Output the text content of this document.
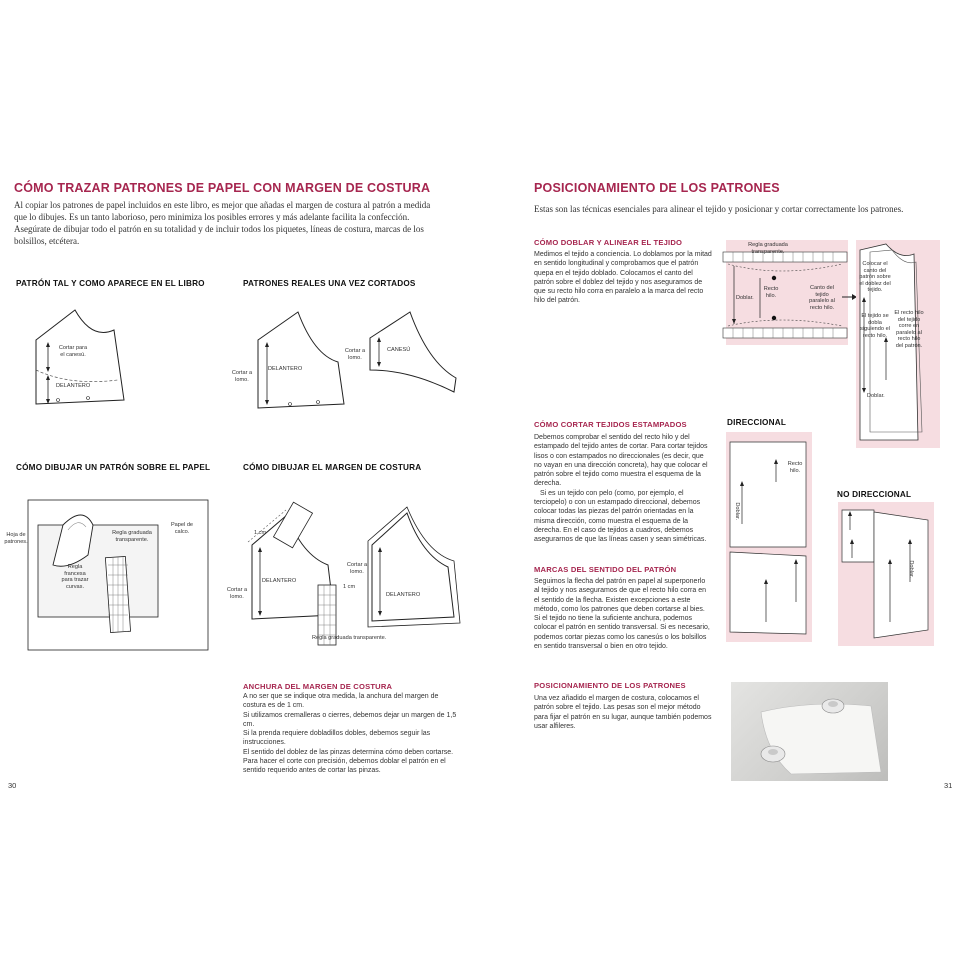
CÓMO TRAZAR PATRONES DE PAPEL CON MARGEN DE COSTURA
Al copiar los patrones de papel incluidos en este libro, es mejor que añadas el margen de costura al patrón a medida que lo dibujes. Es un tanto laborioso, pero minimiza los posibles errores y más adelante facilita la confección. Asegúrate de dibujar todo el patrón en su totalidad y de incluir todos los piquetes, líneas de costura, marcas de los bolsillos, etcétera.
PATRÓN TAL Y COMO APARECE EN EL LIBRO	PATRONES REALES UNA VEZ CORTADOS
Cortar para el canesú.
DELANTERO
Cortar a lomo.
DELANTERO
Cortar a lomo.
CANESÚ
CÓMO DIBUJAR UN PATRÓN SOBRE EL PAPEL	CÓMO DIBUJAR EL MARGEN DE COSTURA
Hoja de patrones.
Regla graduada transparente.
Papel de calco.
Regla francesa para trazar curvas.
1 cm
DELANTERO
Cortar a lomo.
1 cm
Cortar a lomo.
DELANTERO
Regla graduada transparente.
ANCHURA DEL MARGEN DE COSTURA
A no ser que se indique otra medida, la anchura del margen de costura es de 1 cm.
Si utilizamos cremalleras o cierres, debemos dejar un margen de 1,5 cm.
Si la prenda requiere dobladillos dobles, debemos seguir las instrucciones.
El sentido del doblez de las pinzas determina cómo deben cortarse. Para hacer el corte con precisión, debemos doblar el patrón en el sentido requerido antes de cortar las pinzas.
30
POSICIONAMIENTO DE LOS PATRONES
Estas son las técnicas esenciales para alinear el tejido y posicionar y cortar correctamente los patrones.
CÓMO DOBLAR Y ALINEAR EL TEJIDO
Medimos el tejido a conciencia. Lo doblamos por la mitad en sentido longitudinal y comprobamos que el patrón quepa en el tejido doblado. Colocamos el canto del patrón sobre el doblez del tejido y nos aseguramos de que su recto hilo corra en paralelo a la marca del recto hilo del patrón.
Regla graduada transparente.
Doblar.
Recto hilo.
Canto del tejido paralelo al recto hilo.
Colocar el canto del patrón sobre el doblez del tejido.
El tejido se dobla siguiendo el recto hilo.
El recto hilo del tejido corre en paralelo al recto hilo del patrón.
Doblar.
CÓMO CORTAR TEJIDOS ESTAMPADOS
Debemos comprobar el sentido del recto hilo y del estampado del tejido antes de cortar. Para cortar tejidos lisos o con estampados no direccionales (es decir, que no vayan en una dirección concreta), hay que colocar el patrón sobre el tejido como muestra el esquema de la derecha.
Si es un tejido con pelo (como, por ejemplo, el terciopelo) o con un estampado direccional, debemos colocar todas las piezas del patrón orientadas en la misma dirección, como muestra el esquema de la derecha. En el caso de tejidos a cuadros, debemos asegurarnos de que las líneas casen y sean simétricas.
DIRECCIONAL
Recto hilo.
Doblar.
NO DIRECCIONAL
Doblar.
MARCAS DEL SENTIDO DEL PATRÓN
Seguimos la flecha del patrón en papel al superponerlo al tejido y nos aseguramos de que el recto hilo corra en el sentido de la flecha. Existen excepciones a este método, como los patrones que deben cortarse al bies. Si el tejido no tiene la suficiente anchura, podemos colocar el patrón en sentido transversal. Si es necesario, podemos cortar piezas como los canesús o los bolsillos en sentido transversal o bien en otro tejido.
POSICIONAMIENTO DE LOS PATRONES
Una vez añadido el margen de costura, colocamos el patrón sobre el tejido. Las pesas son el mejor método para fijar el patrón en su lugar, aunque también podemos usar alfileres.
31
